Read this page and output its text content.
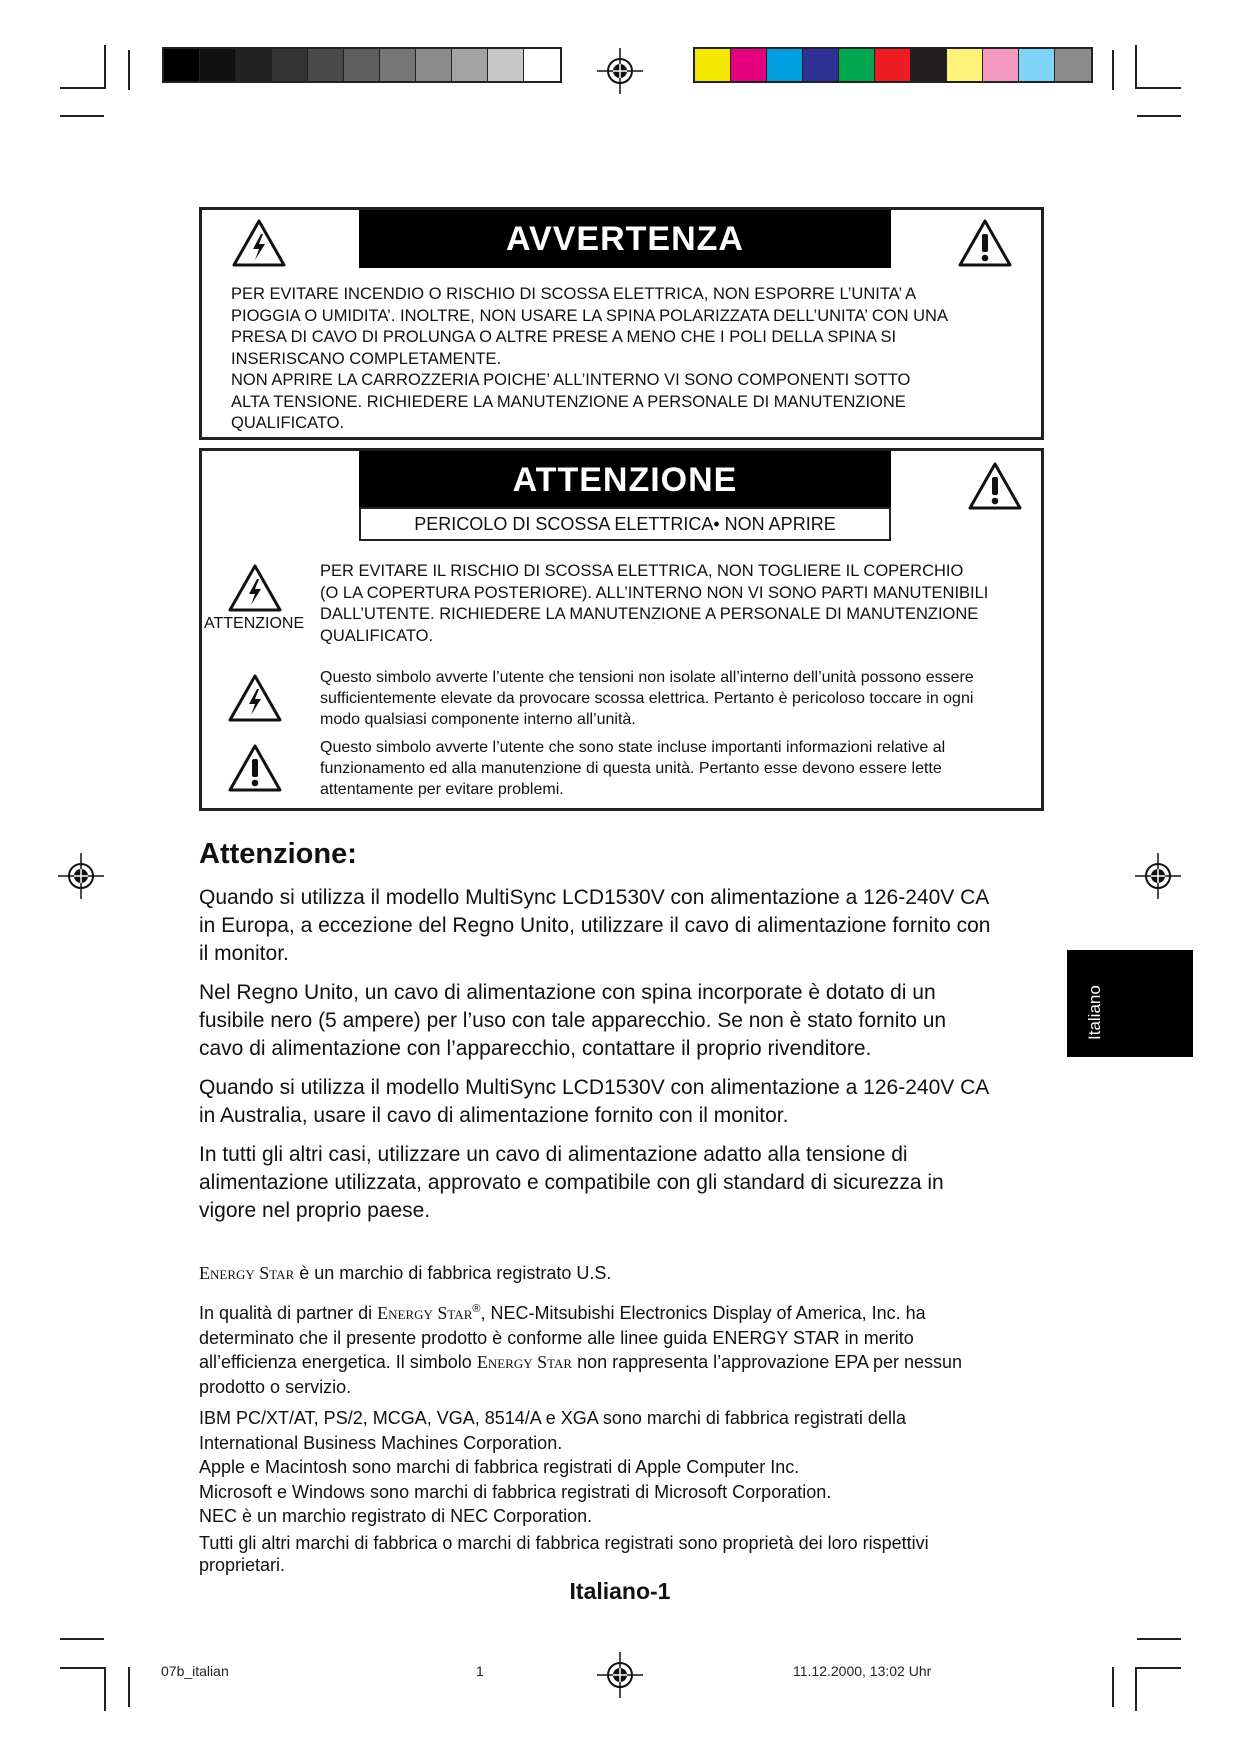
AVVERTENZA
PER EVITARE INCENDIO O RISCHIO DI SCOSSA ELETTRICA, NON ESPORRE L’UNITA’ A
PIOGGIA O UMIDITA’. INOLTRE, NON USARE LA SPINA POLARIZZATA DELL’UNITA’ CON UNA
PRESA DI CAVO DI PROLUNGA O ALTRE PRESE A MENO CHE I POLI DELLA SPINA SI
INSERISCANO COMPLETAMENTE.
NON APRIRE LA CARROZZERIA POICHE’ ALL’INTERNO VI SONO COMPONENTI SOTTO
ALTA TENSIONE. RICHIEDERE LA MANUTENZIONE A PERSONALE DI MANUTENZIONE
QUALIFICATO.
ATTENZIONE
PERICOLO DI SCOSSA ELETTRICA• NON APRIRE
ATTENZIONE
PER EVITARE IL RISCHIO DI SCOSSA ELETTRICA, NON TOGLIERE IL COPERCHIO
(O LA COPERTURA POSTERIORE). ALL’INTERNO NON VI SONO PARTI MANUTENIBILI
DALL’UTENTE. RICHIEDERE LA MANUTENZIONE A PERSONALE DI MANUTENZIONE
QUALIFICATO.
Questo simbolo avverte l’utente che tensioni non isolate all’interno dell’unità possono essere
sufficientemente elevate da provocare scossa elettrica. Pertanto è pericoloso toccare in ogni
modo qualsiasi componente interno all’unità.
Questo simbolo avverte l’utente che sono state incluse importanti informazioni relative al
funzionamento ed alla manutenzione di questa unità. Pertanto esse devono essere lette
attentamente per evitare problemi.
Attenzione:
Quando si utilizza il modello MultiSync LCD1530V con alimentazione a 126-240V CA
in Europa, a eccezione del Regno Unito, utilizzare il cavo di alimentazione fornito con
il monitor.
Nel Regno Unito, un cavo di alimentazione con spina incorporate è dotato di un
fusibile nero (5 ampere) per l’uso con tale apparecchio. Se non è stato fornito un
cavo di alimentazione con l’apparecchio, contattare il proprio rivenditore.
Quando si utilizza il modello MultiSync LCD1530V con alimentazione a 126-240V CA
in Australia, usare il cavo di alimentazione fornito con il monitor.
In tutti gli altri casi, utilizzare un cavo di alimentazione adatto alla tensione di
alimentazione utilizzata, approvato e compatibile con gli standard di sicurezza in
vigore nel proprio paese.
Energy Star è un marchio di fabbrica registrato U.S.
In qualità di partner di Energy Star®, NEC-Mitsubishi Electronics Display of America, Inc. ha
determinato che il presente prodotto è conforme alle linee guida ENERGY STAR in merito
all’efficienza energetica. Il simbolo Energy Star non rappresenta l’approvazione EPA per nessun
prodotto o servizio.
IBM PC/XT/AT, PS/2, MCGA, VGA, 8514/A e XGA sono marchi di fabbrica registrati della
International Business Machines Corporation.
Apple e Macintosh sono marchi di fabbrica registrati di Apple Computer Inc.
Microsoft e Windows sono marchi di fabbrica registrati di Microsoft Corporation.
NEC è un marchio registrato di NEC Corporation.
Tutti gli altri marchi di fabbrica o marchi di fabbrica registrati sono proprietà dei loro rispettivi
proprietari.
Italiano-1
Italiano
07b_italian	1	11.12.2000, 13:02 Uhr
